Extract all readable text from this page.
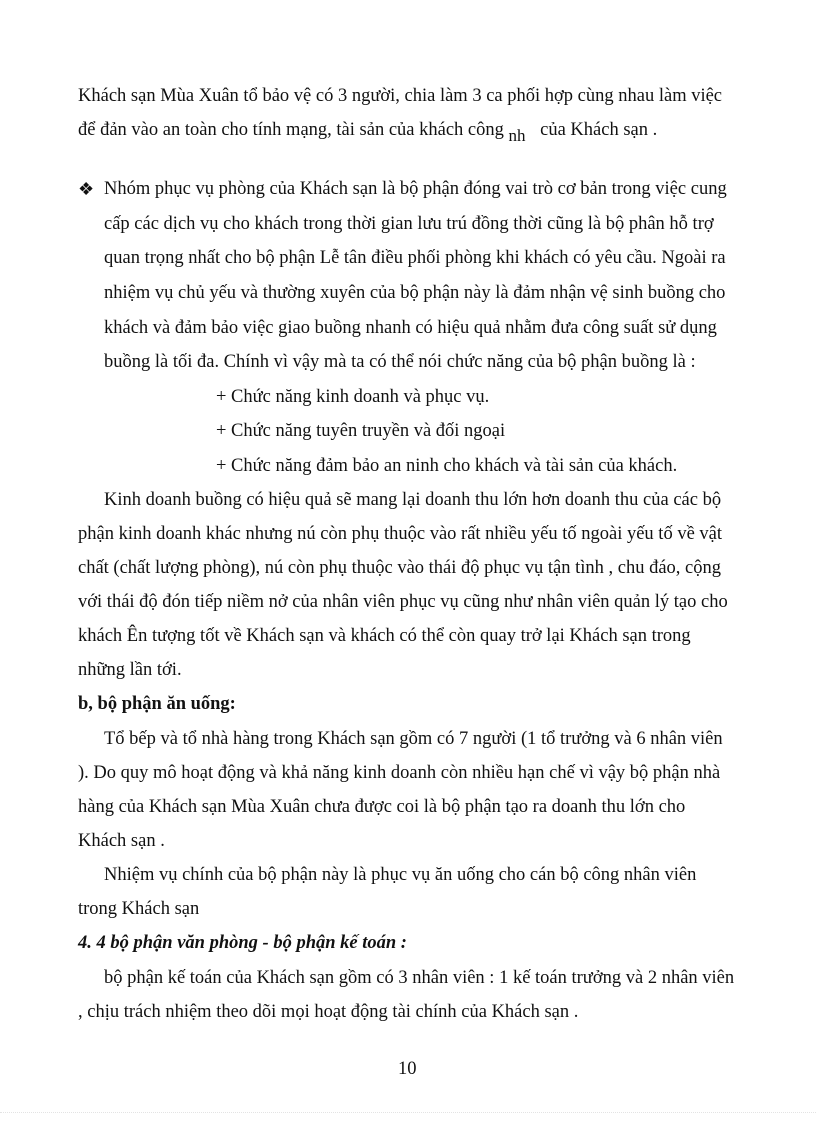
Khách sạn Mùa Xuân tổ bảo vệ có 3 người, chia làm 3 ca phối hợp cùng nhau làm việc
để đản vào an toàn cho tính mạng, tài sản của khách công nh của Khách sạn .
❖ Nhóm phục vụ phòng của Khách sạn là bộ phận đóng vai trò cơ bản trong việc cung
cấp các dịch vụ cho khách trong thời gian lưu trú đồng thời cũng là bộ phân hỗ trợ
quan trọng nhất cho bộ phận Lễ tân điều phối phòng khi khách có yêu cầu. Ngoài ra
nhiệm vụ chủ yếu và thường xuyên của bộ phận này là đảm nhận vệ sinh buồng cho
khách và đảm bảo việc giao buồng nhanh có hiệu quả nhằm đưa công suất sử dụng
buồng là tối đa. Chính vì vậy mà ta có thể nói chức năng của bộ phận buồng là :
+ Chức năng kinh doanh và phục vụ.
+ Chức năng tuyên truyền và đối ngoại
+ Chức năng đảm bảo an ninh cho khách và tài sản của khách.
Kinh doanh buồng có hiệu quả sẽ mang lại doanh thu lớn hơn doanh thu của các bộ
phận kinh doanh khác nhưng nú còn phụ thuộc vào rất nhiều yếu tố ngoài yếu tố về vật
chất (chất lượng phòng), nú còn phụ thuộc vào thái độ phục vụ tận tình , chu đáo, cộng
với thái độ đón tiếp niềm nở của nhân viên phục vụ cũng như nhân viên quản lý tạo cho
khách Ên tượng tốt về Khách sạn và khách có thể còn quay trở lại Khách sạn trong
những lần tới.
b, bộ phận ăn uống:
Tổ bếp và tổ nhà hàng trong Khách sạn gồm có 7 người (1 tổ trưởng và 6 nhân viên
). Do quy mô hoạt động và khả năng kinh doanh còn nhiều hạn chế vì vậy bộ phận nhà
hàng của Khách sạn Mùa Xuân chưa được coi là bộ phận tạo ra doanh thu lớn cho
Khách sạn .
Nhiệm vụ chính của bộ phận này là phục vụ ăn uống cho cán bộ công nhân viên
trong Khách sạn
4. 4 bộ phận văn phòng - bộ phận kế toán :
bộ phận kế toán của Khách sạn gồm có 3 nhân viên : 1 kế toán trưởng và 2 nhân viên
, chịu trách nhiệm theo dõi mọi hoạt động tài chính của Khách sạn .
10
